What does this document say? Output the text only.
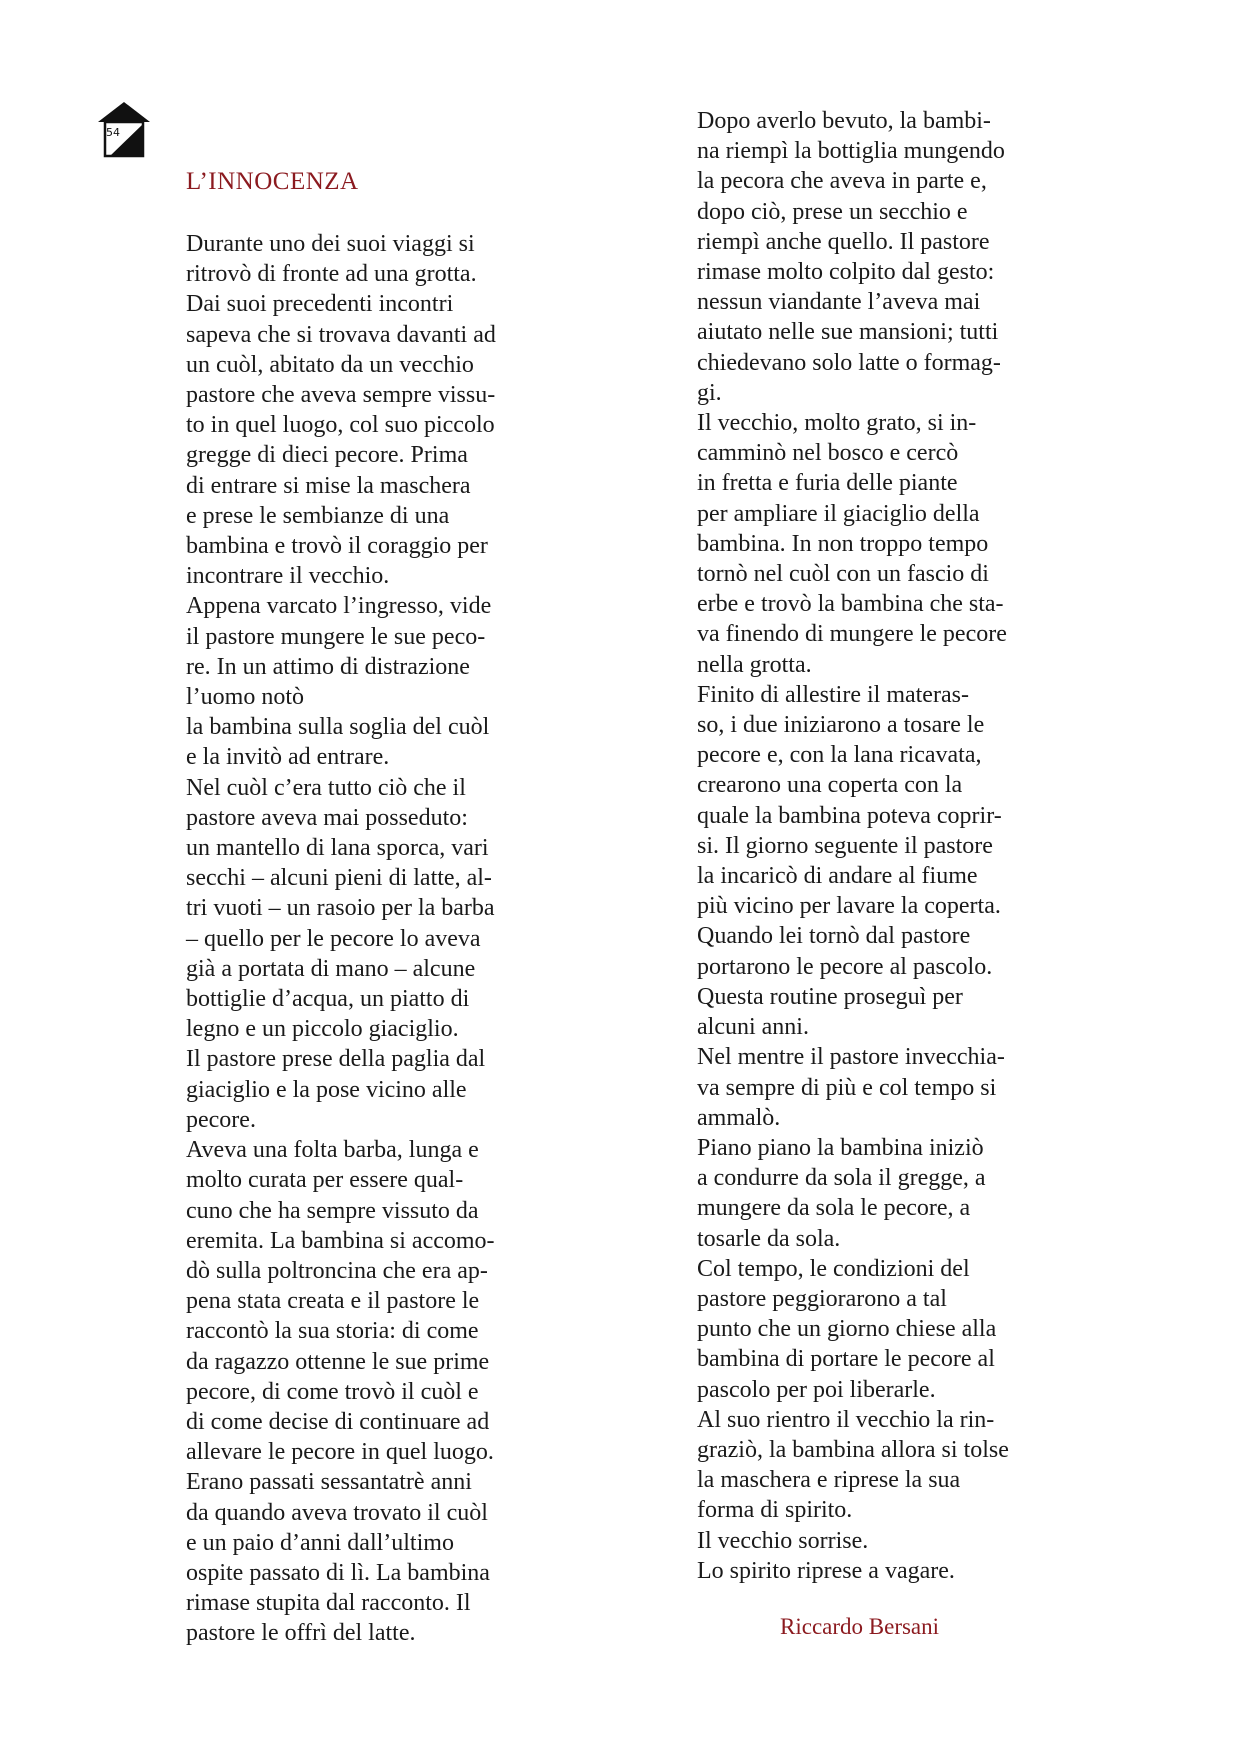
54
L’INNOCENZA
Durante uno dei suoi viaggi si
ritrovò di fronte ad una grotta.
Dai suoi precedenti incontri
sapeva che si trovava davanti ad
un cuòl, abitato da un vecchio
pastore che aveva sempre vissu-
to in quel luogo, col suo piccolo
gregge di dieci pecore. Prima
di entrare si mise la maschera
e prese le sembianze di una
bambina e trovò il coraggio per
incontrare il vecchio.
Appena varcato l’ingresso, vide
il pastore mungere le sue peco-
re. In un attimo di distrazione
l’uomo notò
la bambina sulla soglia del cuòl
e la invitò ad entrare.
Nel cuòl c’era tutto ciò che il
pastore aveva mai posseduto:
un mantello di lana sporca, vari
secchi – alcuni pieni di latte, al-
tri vuoti – un rasoio per la barba
– quello per le pecore lo aveva
già a portata di mano – alcune
bottiglie d’acqua, un piatto di
legno e un piccolo giaciglio.
Il pastore prese della paglia dal
giaciglio e la pose vicino alle
pecore.
Aveva una folta barba, lunga e
molto curata per essere qual-
cuno che ha sempre vissuto da
eremita. La bambina si accomo-
dò sulla poltroncina che era ap-
pena stata creata e il pastore le
raccontò la sua storia: di come
da ragazzo ottenne le sue prime
pecore, di come trovò il cuòl e
di come decise di continuare ad
allevare le pecore in quel luogo.
Erano passati sessantatrè anni
da quando aveva trovato il cuòl
e un paio d’anni dall’ultimo
ospite passato di lì. La bambina
rimase stupita dal racconto. Il
pastore le offrì del latte.
Dopo averlo bevuto, la bambi-
na riempì la bottiglia mungendo
la pecora che aveva in parte e,
dopo ciò, prese un secchio e
riempì anche quello. Il pastore
rimase molto colpito dal gesto:
nessun viandante l’aveva mai
aiutato nelle sue mansioni; tutti
chiedevano solo latte o formag-
gi.
Il vecchio, molto grato, si in-
camminò nel bosco e cercò
in fretta e furia delle piante
per ampliare il giaciglio della
bambina. In non troppo tempo
tornò nel cuòl con un fascio di
erbe e trovò la bambina che sta-
va finendo di mungere le pecore
nella grotta.
Finito di allestire il materas-
so, i due iniziarono a tosare le
pecore e, con la lana ricavata,
crearono una coperta con la
quale la bambina poteva coprir-
si. Il giorno seguente il pastore
la incaricò di andare al fiume
più vicino per lavare la coperta.
Quando lei tornò dal pastore
portarono le pecore al pascolo.
Questa routine proseguì per
alcuni anni.
Nel mentre il pastore invecchia-
va sempre di più e col tempo si
ammalò.
Piano piano la bambina iniziò
a condurre da sola il gregge, a
mungere da sola le pecore, a
tosarle da sola.
Col tempo, le condizioni del
pastore peggiorarono a tal
punto che un giorno chiese alla
bambina di portare le pecore al
pascolo per poi liberarle.
Al suo rientro il vecchio la rin-
graziò, la bambina allora si tolse
la maschera e riprese la sua
forma di spirito.
Il vecchio sorrise.
Lo spirito riprese a vagare.
Riccardo Bersani
